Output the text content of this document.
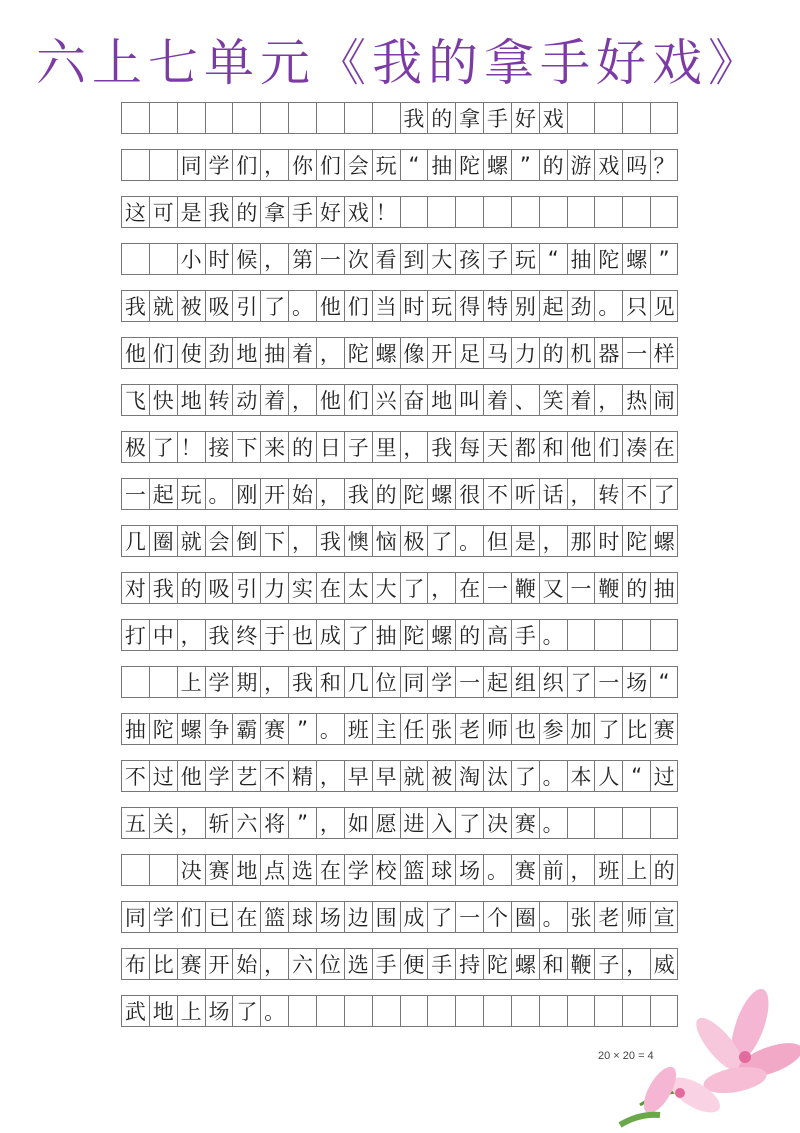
六上七单元《我的拿手好戏》
我 的 拿 手 好 戏
同 学 们 ， 你 们 会 玩 “ 抽 陀 螺 ” 的 游 戏 吗 ？
这 可 是 我 的 拿 手 好 戏 ！
小 时 候 ， 第 一 次 看 到 大 孩 子 玩 “ 抽 陀 螺 ”
我 就 被 吸 引 了 。 他 们 当 时 玩 得 特 别 起 劲 。 只 见
他 们 使 劲 地 抽 着 ， 陀 螺 像 开 足 马 力 的 机 器 一 样
飞 快 地 转 动 着 ， 他 们 兴 奋 地 叫 着 、 笑 着 ， 热 闹
极 了 ！ 接 下 来 的 日 子 里 ， 我 每 天 都 和 他 们 凑 在
一 起 玩 。 刚 开 始 ， 我 的 陀 螺 很 不 听 话 ， 转 不 了
几 圈 就 会 倒 下 ， 我 懊 恼 极 了 。 但 是 ， 那 时 陀 螺
对 我 的 吸 引 力 实 在 太 大 了 ， 在 一 鞭 又 一 鞭 的 抽
打 中 ， 我 终 于 也 成 了 抽 陀 螺 的 高 手 。
上 学 期 ， 我 和 几 位 同 学 一 起 组 织 了 一 场 “
抽 陀 螺 争 霸 赛 ” 。 班 主 任 张 老 师 也 参 加 了 比 赛
不 过 他 学 艺 不 精 ， 早 早 就 被 淘 汰 了 。 本 人 “ 过
五 关 ， 斩 六 将 ” ， 如 愿 进 入 了 决 赛 。
决 赛 地 点 选 在 学 校 篮 球 场 。 赛 前 ， 班 上 的
同 学 们 已 在 篮 球 场 边 围 成 了 一 个 圈 。 张 老 师 宣
布 比 赛 开 始 ， 六 位 选 手 便 手 持 陀 螺 和 鞭 子 ， 威
武 地 上 场 了 。
20 × 20 = 4
